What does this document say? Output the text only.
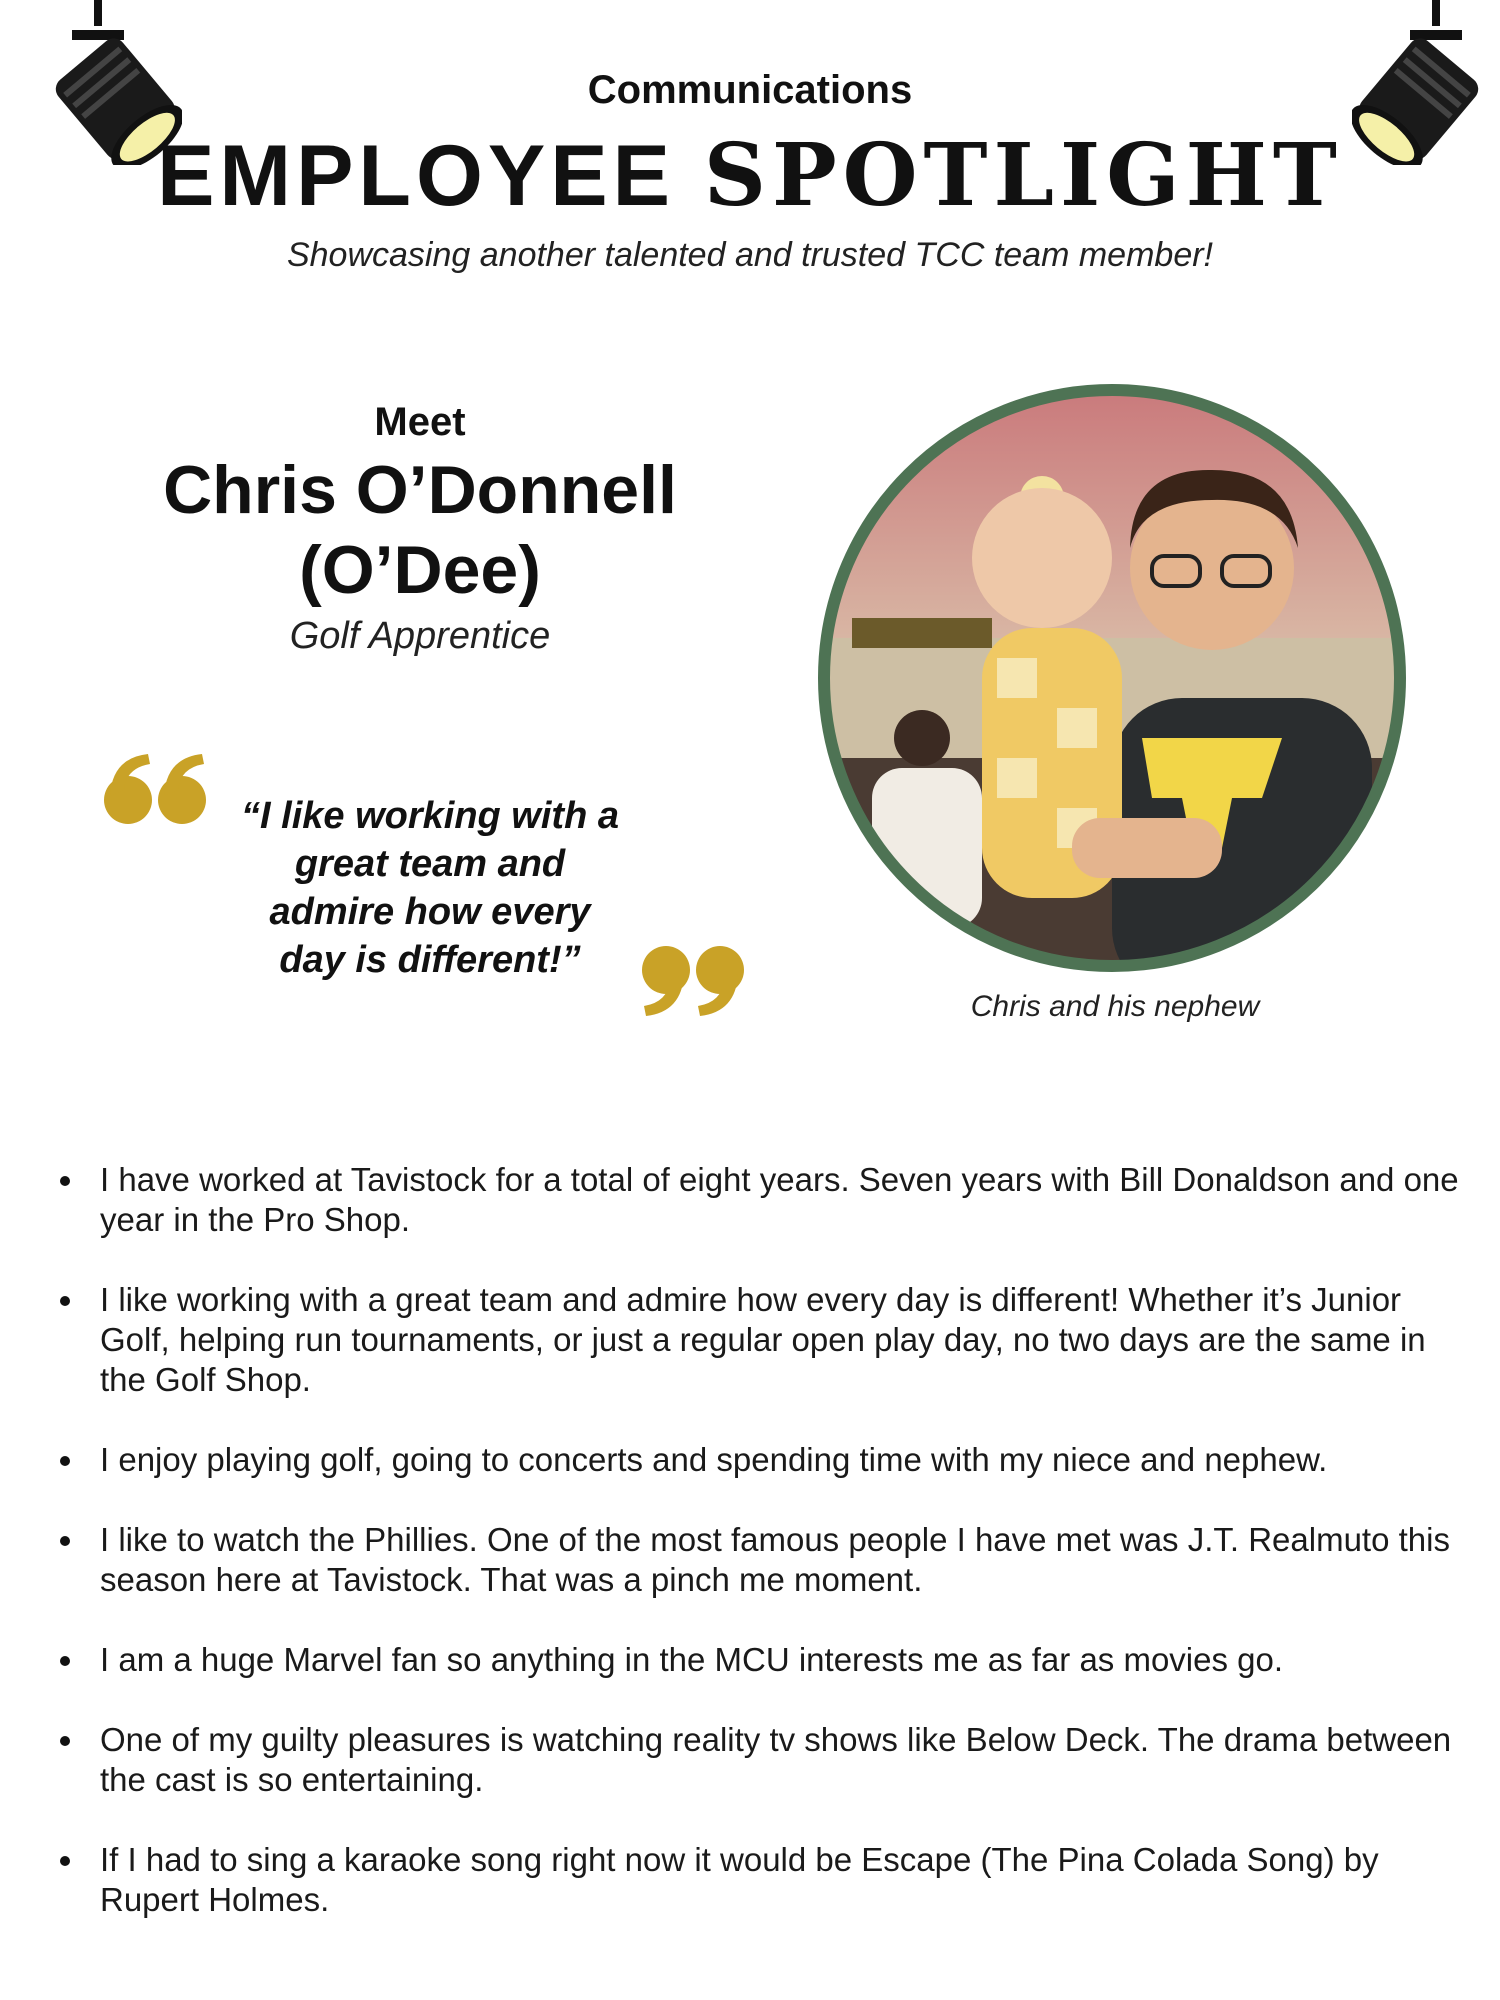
Communications
EMPLOYEE SPOTLIGHT
Showcasing another talented and trusted TCC team member!
Meet
Chris O’Donnell
(O’Dee)
Golf Apprentice
“I like working with a
great team and
admire how every
day is different!”
Chris and his nephew
I have worked at Tavistock for a total of eight years. Seven years with Bill Donaldson and one year in the Pro Shop.
I like working with a great team and admire how every day is different! Whether it’s Junior Golf, helping run tournaments, or just a regular open play day, no two days are the same in the Golf Shop.
I enjoy playing golf, going to concerts and spending time with my niece and nephew.
I like to watch the Phillies. One of the most famous people I have met was J.T. Realmuto this season here at Tavistock. That was a pinch me moment.
I am a huge Marvel fan so anything in the MCU interests me as far as movies go.
One of my guilty pleasures is watching reality tv shows like Below Deck. The drama between the cast is so entertaining.
If I had to sing a karaoke song right now it would be Escape (The Pina Colada Song) by Rupert Holmes.
